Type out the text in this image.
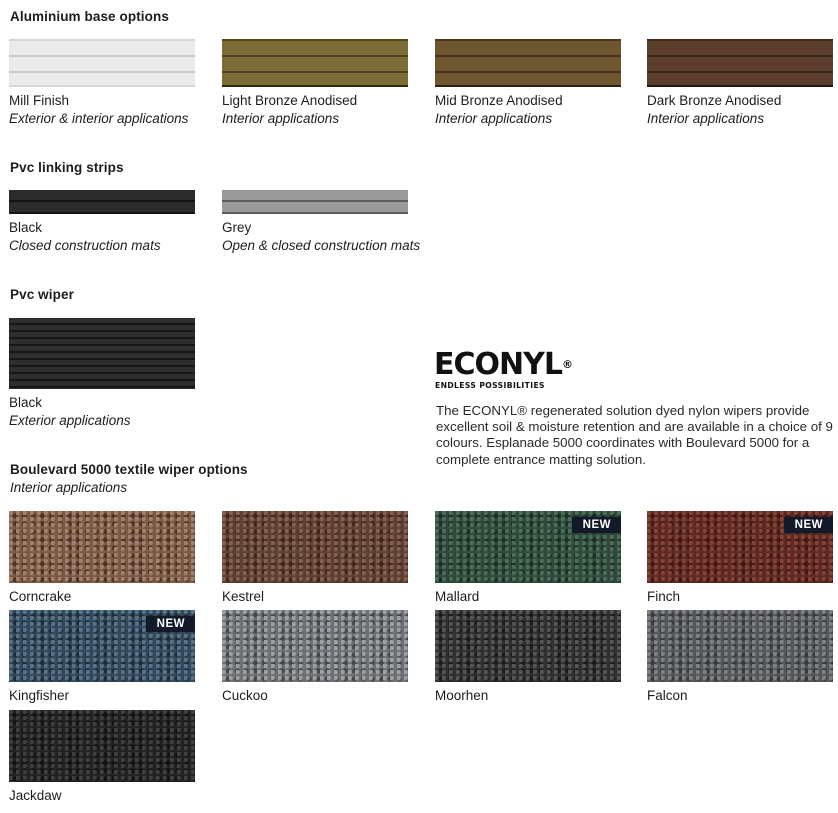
Aluminium base options
Mill Finish
Exterior & interior applications
Light Bronze Anodised
Interior applications
Mid Bronze Anodised
Interior applications
Dark Bronze Anodised
Interior applications
Pvc linking strips
Black
Closed construction mats
Grey
Open & closed construction mats
Pvc wiper
Black
Exterior applications
ECONYL®
ENDLESS POSSIBILITIES
The ECONYL® regenerated solution dyed nylon wipers provide excellent soil & moisture retention and are available in a choice of 9 colours. Esplanade 5000 coordinates with Boulevard 5000 for a complete entrance matting solution.
Boulevard 5000 textile wiper options
Interior applications
Corncrake	Kestrel
NEW
Mallard
NEW
Finch
NEW
Kingfisher	Cuckoo	Moorhen	Falcon
Jackdaw
